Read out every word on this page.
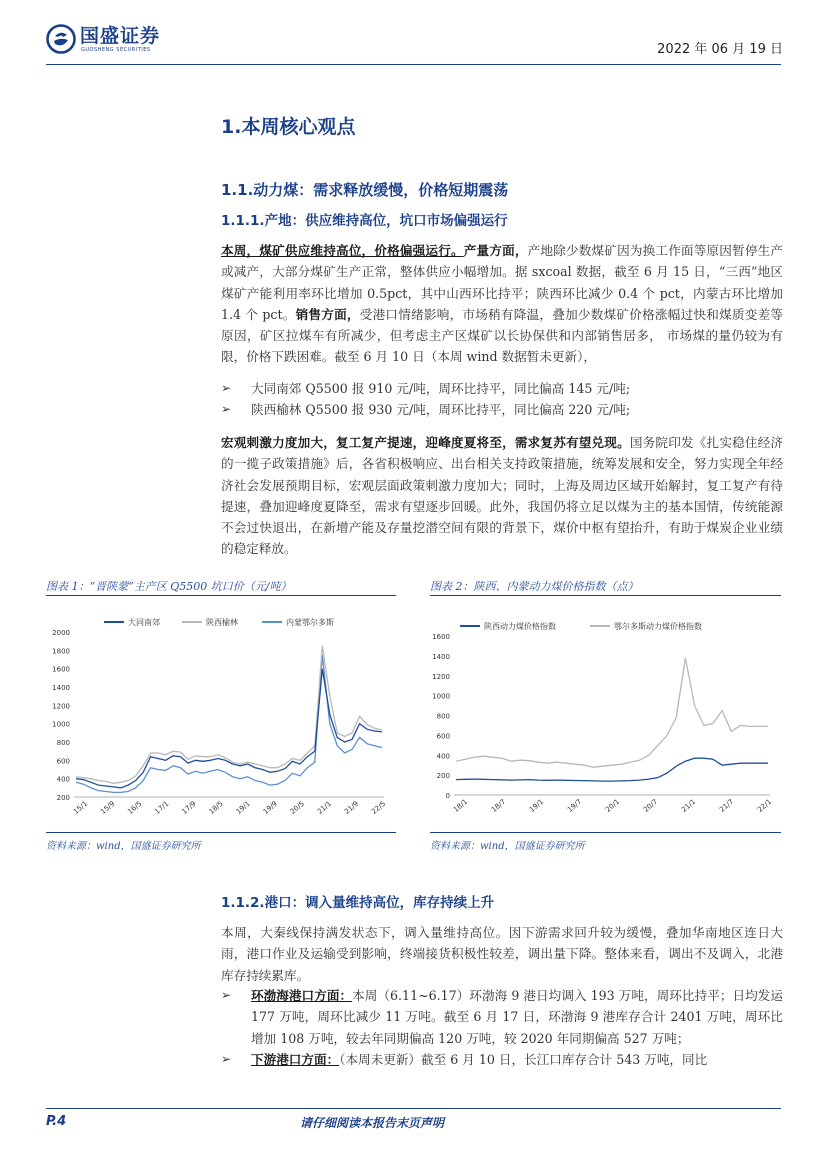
国盛证券
GUOSHENG SECURITIES	2022 年 06 月 19 日
1.本周核心观点
1.1.动力煤：需求释放缓慢，价格短期震荡
1.1.1.产地：供应维持高位，坑口市场偏强运行
本周，煤矿供应维持高位，价格偏强运行。产量方面，产地除少数煤矿因为换工作面等原因暂停生产或减产，大部分煤矿生产正常，整体供应小幅增加。据 sxcoal 数据，截至 6 月 15 日，“三西”地区煤矿产能利用率环比增加 0.5pct，其中山西环比持平；陕西环比减少 0.4 个 pct，内蒙古环比增加 1.4 个 pct。销售方面，受港口情绪影响，市场稍有降温，叠加少数煤矿价格涨幅过快和煤质变差等原因，矿区拉煤车有所减少，但考虑主产区煤矿以长协保供和内部销售居多， 市场煤的量仍较为有限，价格下跌困难。截至 6 月 10 日（本周 wind 数据暂未更新），
➢	大同南郊 Q5500 报 910 元/吨，周环比持平，同比偏高 145 元/吨;
➢	陕西榆林 Q5500 报 930 元/吨，周环比持平，同比偏高 220 元/吨;
宏观刺激力度加大，复工复产提速，迎峰度夏将至，需求复苏有望兑现。国务院印发《扎实稳住经济的一揽子政策措施》后，各省积极响应、出台相关支持政策措施，统筹发展和安全，努力实现全年经济社会发展预期目标，宏观层面政策刺激力度加大；同时，上海及周边区域开始解封，复工复产有待提速，叠加迎峰度夏降至，需求有望逐步回暖。此外，我国仍将立足以煤为主的基本国情，传统能源不会过快退出，在新增产能及存量挖潜空间有限的背景下，煤价中枢有望抬升，有助于煤炭企业业绩的稳定释放。
图表 1：“晋陕蒙”主产区 Q5500 坑口价（元/吨）	图表 2：陕西、内蒙动力煤价格指数（点）
2000
1800
1600
1400
1200
1000
800
600
400
200
15/1 15/9 16/5 17/1 17/9 18/5 19/1 19/9 20/5 21/1 21/9 22/5
大同南郊	陕西榆林	内蒙鄂尔多斯
1600
1400
1200
1000
800
600
400
200
0
18/1	18/7	19/1	19/7	20/1	20/7	21/1	21/7	22/1
陕西动力煤价格指数	鄂尔多斯动力煤价格指数
资料来源：wind，国盛证券研究所	资料来源：wind，国盛证券研究所
1.1.2.港口：调入量维持高位，库存持续上升
本周，大秦线保持满发状态下，调入量维持高位。因下游需求回升较为缓慢，叠加华南地区连日大雨，港口作业及运输受到影响，终端接货积极性较差，调出量下降。整体来看，调出不及调入，北港库存持续累库。
➢	环渤海港口方面：本周（6.11~6.17）环渤海 9 港日均调入 193 万吨，周环比持平；日均发运 177 万吨，周环比减少 11 万吨。截至 6 月 17 日，环渤海 9 港库存合计 2401 万吨，周环比增加 108 万吨，较去年同期偏高 120 万吨，较 2020 年同期偏高 527 万吨；
➢	下游港口方面：（本周未更新）截至 6 月 10 日，长江口库存合计 543 万吨，同比
P.4	请仔细阅读本报告末页声明
